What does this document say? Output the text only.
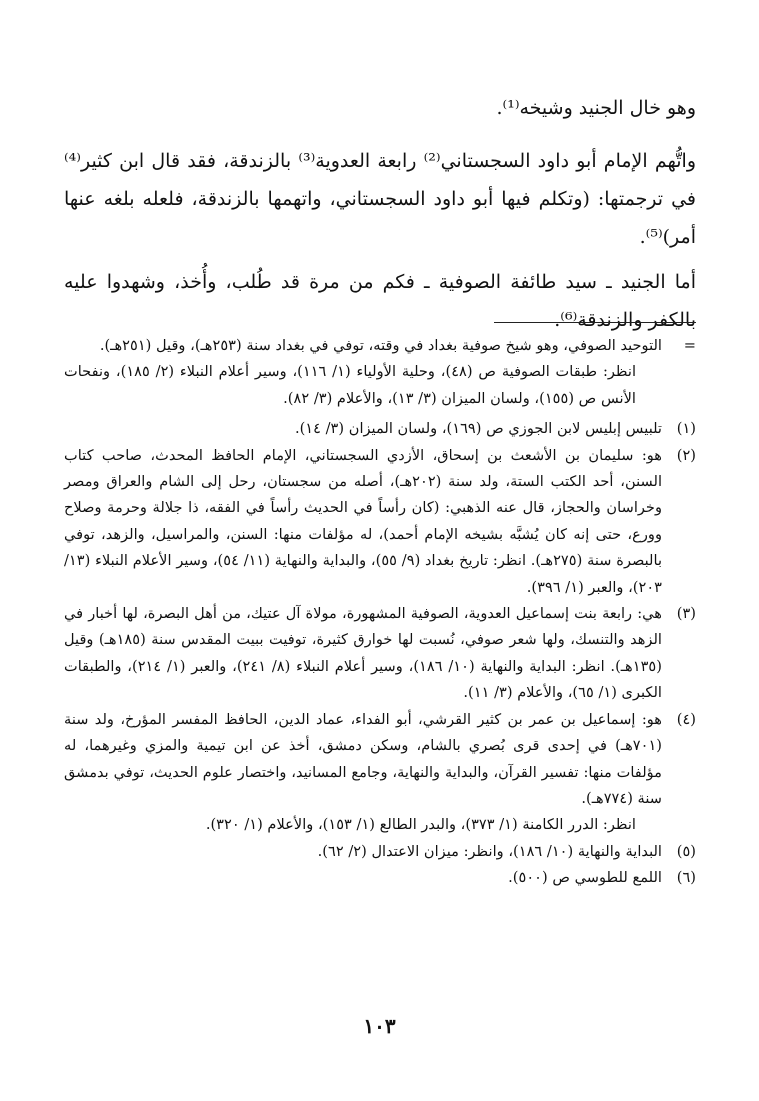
وهو خال الجنيد وشيخه⁽¹⁾.

واتُّهم الإمام أبو داود السجستاني⁽²⁾ رابعة العدوية⁽³⁾ بالزندقة، فقد قال ابن كثير⁽⁴⁾ في ترجمتها: (وتكلم فيها أبو داود السجستاني، واتهمها بالزندقة، فلعله بلغه عنها أمر)⁽⁵⁾.

أما الجنيد ـ سيد طائفة الصوفية ـ فكم من مرة قد طُلب، وأُخذ، وشهدوا عليه بالكفر والزندقة⁽⁶⁾.

=
التوحيد الصوفي، وهو شيخ صوفية بغداد في وقته، توفي في بغداد سنة (٢٥٣هـ)، وقيل (٢٥١هـ).
انظر: طبقات الصوفية ص (٤٨)، وحلية الأولياء (١/ ١١٦)، وسير أعلام النبلاء (٢/ ١٨٥)، ونفحات الأنس ص (١٥٥)، ولسان الميزان (٣/ ١٣)، والأعلام (٣/ ٨٢).
(١)
تلبيس إبليس لابن الجوزي ص (١٦٩)، ولسان الميزان (٣/ ١٤).
(٢)
هو: سليمان بن الأشعث بن إسحاق، الأزدي السجستاني، الإمام الحافظ المحدث، صاحب كتاب السنن، أحد الكتب الستة، ولد سنة (٢٠٢هـ)، أصله من سجستان، رحل إلى الشام والعراق ومصر وخراسان والحجاز، قال عنه الذهبي: (كان رأساً في الحديث رأساً في الفقه، ذا جلالة وحرمة وصلاح وورع، حتى إنه كان يُشبَّه بشيخه الإمام أحمد)، له مؤلفات منها: السنن، والمراسيل، والزهد، توفي بالبصرة سنة (٢٧٥هـ). انظر: تاريخ بغداد (٩/ ٥٥)، والبداية والنهاية (١١/ ٥٤)، وسير الأعلام النبلاء (١٣/ ٢٠٣)، والعبر (١/ ٣٩٦).
(٣)
هي: رابعة بنت إسماعيل العدوية، الصوفية المشهورة، مولاة آل عتيك، من أهل البصرة، لها أخبار في الزهد والتنسك، ولها شعر صوفي، نُسبت لها خوارق كثيرة، توفيت ببيت المقدس سنة (١٨٥هـ) وقيل (١٣٥هـ). انظر: البداية والنهاية (١٠/ ١٨٦)، وسير أعلام النبلاء (٨/ ٢٤١)، والعبر (١/ ٢١٤)، والطبقات الكبرى (١/ ٦٥)، والأعلام (٣/ ١١).
(٤)
هو: إسماعيل بن عمر بن كثير القرشي، أبو الفداء، عماد الدين، الحافظ المفسر المؤرخ، ولد سنة (٧٠١هـ) في إحدى قرى بُصري بالشام، وسكن دمشق، أخذ عن ابن تيمية والمزي وغيرهما، له مؤلفات منها: تفسير القرآن، والبداية والنهاية، وجامع المسانيد، واختصار علوم الحديث، توفي بدمشق سنة (٧٧٤هـ).
انظر: الدرر الكامنة (١/ ٣٧٣)، والبدر الطالع (١/ ١٥٣)، والأعلام (١/ ٣٢٠).
(٥)
البداية والنهاية (١٠/ ١٨٦)، وانظر: ميزان الاعتدال (٢/ ٦٢).
(٦)
اللمع للطوسي ص (٥٠٠).
١٠٣
